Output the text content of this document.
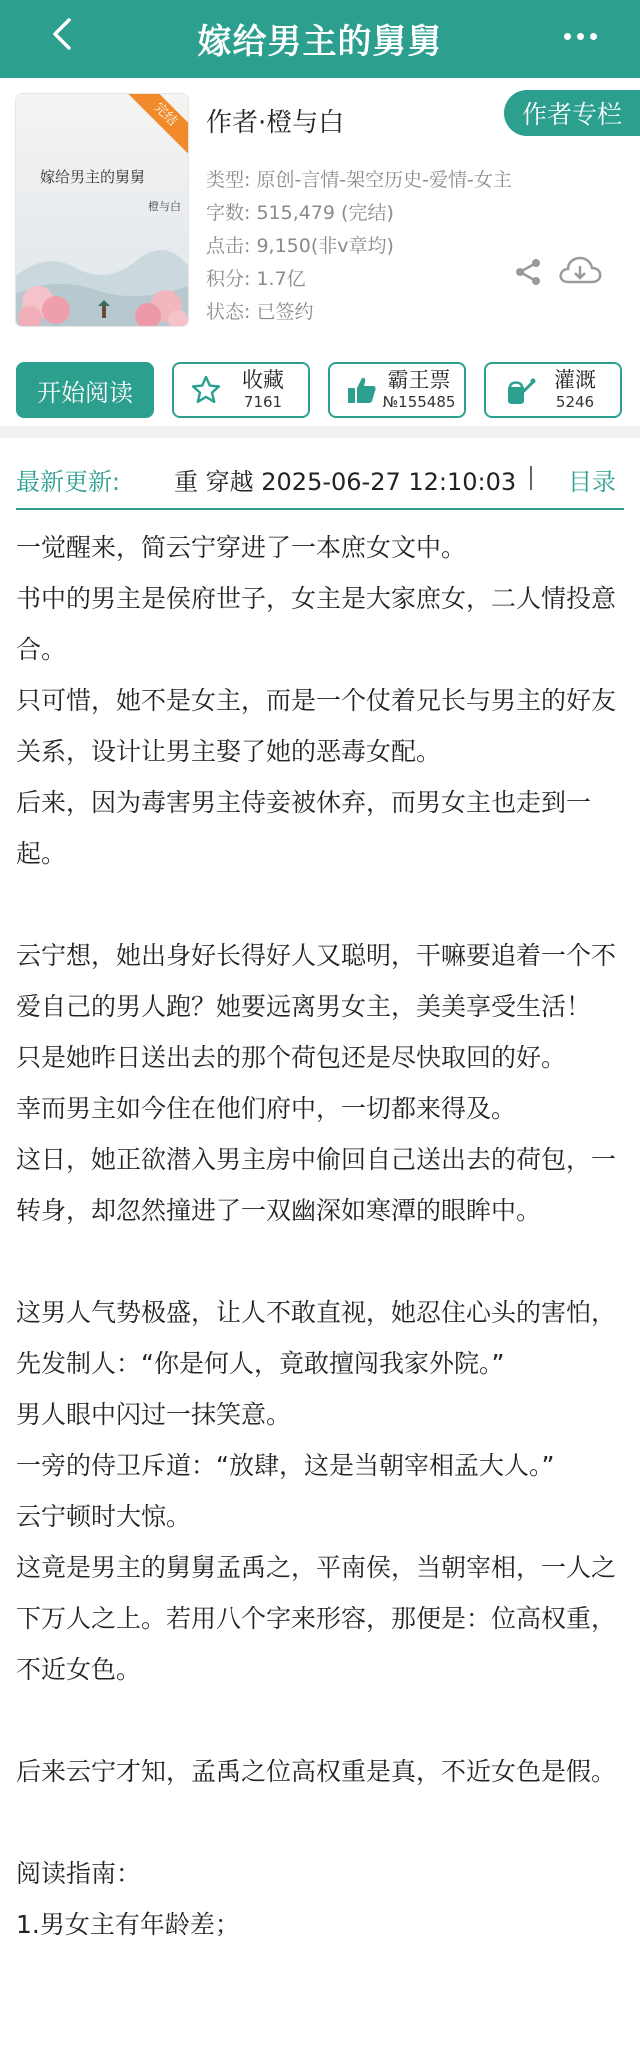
嫁给男主的舅舅
嫁给男主的舅舅
橙与白
完结	作者·橙与白	作者专栏
类型: 原创-言情-架空历史-爱情-女主
字数: 515,479 (完结)
点击: 9,150(非v章均)
积分: 1.7亿
状态: 已签约
开始阅读	收藏
7161
霸王票
№155485
灌溉
5246
最新更新: 重 穿越 2025-06-27 12:10:03	目录

一觉醒来，简云宁穿进了一本庶女文中。

书中的男主是侯府世子，女主是大家庶女，二人情投意合。

只可惜，她不是女主，而是一个仗着兄长与男主的好友关系，设计让男主娶了她的恶毒女配。

后来，因为毒害男主侍妾被休弃，而男女主也走到一起。

云宁想，她出身好长得好人又聪明，干嘛要追着一个不爱自己的男人跑？她要远离男女主，美美享受生活！

只是她昨日送出去的那个荷包还是尽快取回的好。

幸而男主如今住在他们府中，一切都来得及。

这日，她正欲潜入男主房中偷回自己送出去的荷包，一转身，却忽然撞进了一双幽深如寒潭的眼眸中。

这男人气势极盛，让人不敢直视，她忍住心头的害怕，先发制人：“你是何人，竟敢擅闯我家外院。”

男人眼中闪过一抹笑意。

一旁的侍卫斥道：“放肆，这是当朝宰相孟大人。”

云宁顿时大惊。

这竟是男主的舅舅孟禹之，平南侯，当朝宰相，一人之下万人之上。若用八个字来形容，那便是：位高权重，不近女色。

后来云宁才知，孟禹之位高权重是真，不近女色是假。

阅读指南：

1.男女主有年龄差；
